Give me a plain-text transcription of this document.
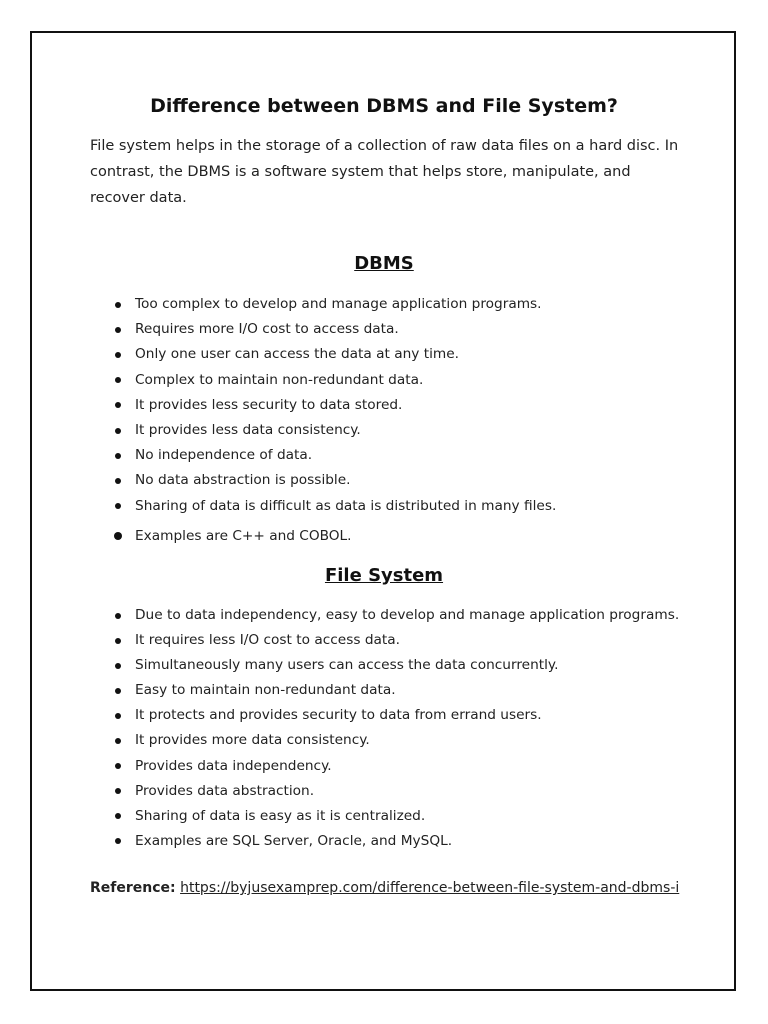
Difference between DBMS and File System?
File system helps in the storage of a collection of raw data files on a hard disc. In contrast, the DBMS is a software system that helps store, manipulate, and recover data.
DBMS
Too complex to develop and manage application programs.
Requires more I/O cost to access data.
Only one user can access the data at any time.
Complex to maintain non-redundant data.
It provides less security to data stored.
It provides less data consistency.
No independence of data.
No data abstraction is possible.
Sharing of data is difficult as data is distributed in many files.
Examples are C++ and COBOL.
File System
Due to data independency, easy to develop and manage application programs.
It requires less I/O cost to access data.
Simultaneously many users can access the data concurrently.
Easy to maintain non-redundant data.
It protects and provides security to data from errand users.
It provides more data consistency.
Provides data independency.
Provides data abstraction.
Sharing of data is easy as it is centralized.
Examples are SQL Server, Oracle, and MySQL.
Reference: https://byjusexamprep.com/difference-between-file-system-and-dbms-i
